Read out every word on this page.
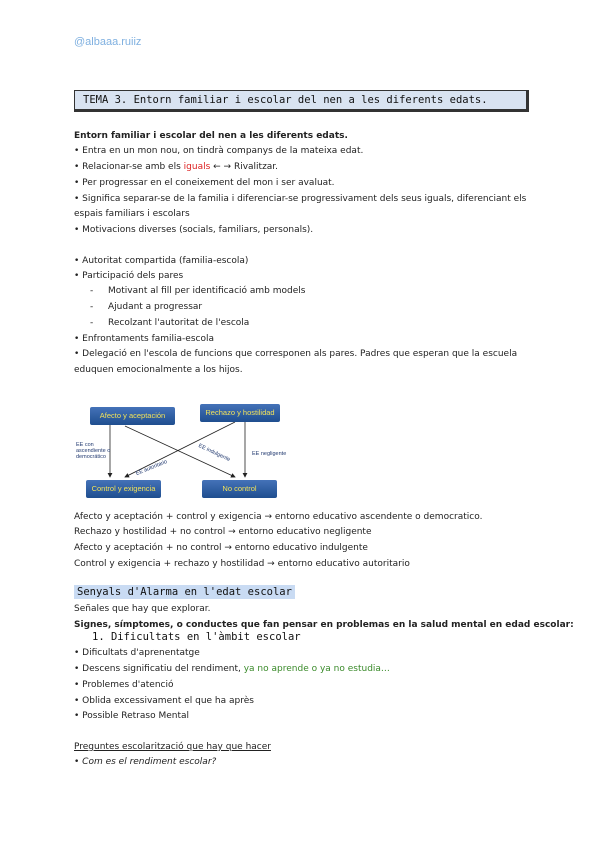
@albaaa.ruiiz
TEMA 3. Entorn familiar i escolar del nen a les diferents edats.
Entorn familiar i escolar del nen a les diferents edats.
• Entra en un mon nou, on tindrà companys de la mateixa edat.
• Relacionar-se amb els iguals ← → Rivalitzar.
• Per progressar en el coneixement del mon i ser avaluat.
• Significa separar-se de la familia i diferenciar-se progressivament dels seus iguals, diferenciant els
espais familiars i escolars
• Motivacions diverses (socials, familiars, personals).
• Autoritat compartida (familia-escola)
• Participació dels pares
- Motivant al fill per identificació amb models
- Ajudant a progressar
- Recolzant l'autoritat de l'escola
• Enfrontaments familia-escola
• Delegació en l'escola de funcions que corresponen als pares. Padres que esperan que la escuela
eduquen emocionalmente a los hijos.
Afecto y aceptación	Rechazo y hostilidad
Control y exigencia	No control
EE con
ascendiente o
democrático	EE negligente
EE autoritario
EE indulgente
Afecto y aceptación + control y exigencia → entorno educativo ascendente o democratico.
Rechazo y hostilidad + no control → entorno educativo negligente
Afecto y aceptación + no control → entorno educativo indulgente
Control y exigencia + rechazo y hostilidad → entorno educativo autoritario
Senyals d'Alarma en l'edat escolar
Señales que hay que explorar.
Signes, símptomes, o conductes que fan pensar en problemas en la salud mental en edad escolar:
1. Dificultats en l'àmbit escolar
• Dificultats d'aprenentatge
• Descens significatiu del rendiment, ya no aprende o ya no estudia…
• Problemes d'atenció
• Oblida excessivament el que ha après
• Possible Retraso Mental
Preguntes escolarització que hay que hacer
• Com es el rendiment escolar?
